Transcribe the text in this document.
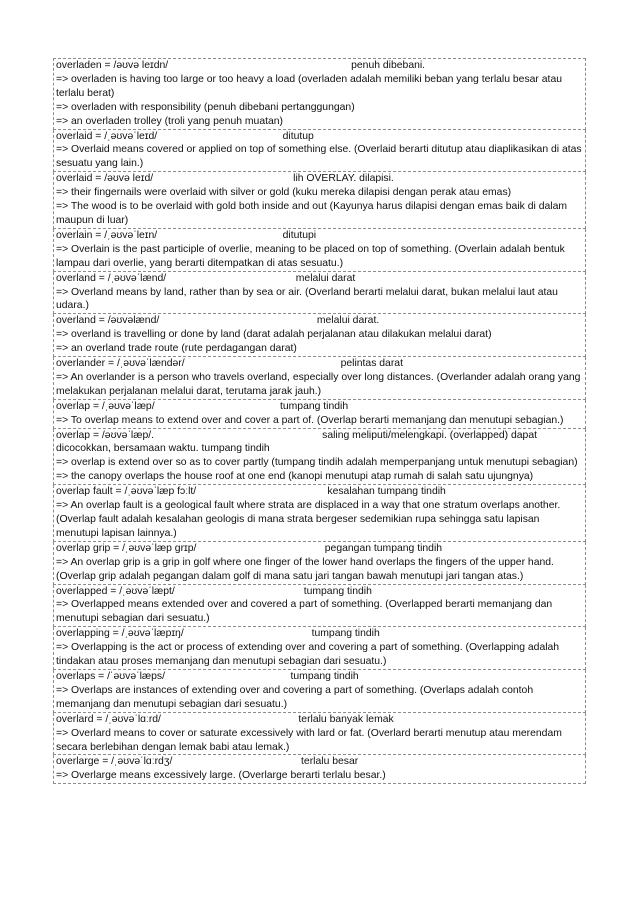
overladen = /əʊvə leɪdn/	penuh dibebani.
=> overladen is having too large or too heavy a load (overladen adalah memiliki beban yang terlalu besar atau terlalu berat)
=> overladen with responsibility (penuh dibebani pertanggungan)
=> an overladen trolley (troli yang penuh muatan)
overlaid = /ˌəʊvəˈleɪd/	ditutup
=> Overlaid means covered or applied on top of something else. (Overlaid berarti ditutup atau diaplikasikan di atas sesuatu yang lain.)
overlaid = /əʊvə leɪd/	lih OVERLAY. dilapisi.
=> their fingernails were overlaid with silver or gold (kuku mereka dilapisi dengan perak atau emas)
=> The wood is to be overlaid with gold both inside and out (Kayunya harus dilapisi dengan emas baik di dalam maupun di luar)
overlain = /ˌəʊvəˈleɪn/	ditutupi
=> Overlain is the past participle of overlie, meaning to be placed on top of something. (Overlain adalah bentuk lampau dari overlie, yang berarti ditempatkan di atas sesuatu.)
overland = /ˌəʊvəˈlænd/	melalui darat
=> Overland means by land, rather than by sea or air. (Overland berarti melalui darat, bukan melalui laut atau udara.)
overland = /əʊvəlænd/	melalui darat.
=> overland is travelling or done by land (darat adalah perjalanan atau dilakukan melalui darat)
=> an overland trade route (rute perdagangan darat)
overlander = /ˌəʊvəˈlændər/	pelintas darat
=> An overlander is a person who travels overland, especially over long distances. (Overlander adalah orang yang melakukan perjalanan melalui darat, terutama jarak jauh.)
overlap = /ˌəʊvəˈlæp/	tumpang tindih
=> To overlap means to extend over and cover a part of. (Overlap berarti memanjang dan menutupi sebagian.)
overlap = /əʊvəˈlæp/.	saling meliputi/melengkapi. (overlapped) dapat
dicocokkan, bersamaan waktu. tumpang tindih
=> overlap is extend over so as to cover partly (tumpang tindih adalah memperpanjang untuk menutupi sebagian)
=> the canopy overlaps the house roof at one end (kanopi menutupi atap rumah di salah satu ujungnya)
overlap fault = /ˌəʊvəˈlæp fɔːlt/	kesalahan tumpang tindih
=> An overlap fault is a geological fault where strata are displaced in a way that one stratum overlaps another. (Overlap fault adalah kesalahan geologis di mana strata bergeser sedemikian rupa sehingga satu lapisan menutupi lapisan lainnya.)
overlap grip = /ˌəʊvəˈlæp ɡrɪp/	pegangan tumpang tindih
=> An overlap grip is a grip in golf where one finger of the lower hand overlaps the fingers of the upper hand. (Overlap grip adalah pegangan dalam golf di mana satu jari tangan bawah menutupi jari tangan atas.)
overlapped = /ˌəʊvəˈlæpt/	tumpang tindih
=> Overlapped means extended over and covered a part of something. (Overlapped berarti memanjang dan menutupi sebagian dari sesuatu.)
overlapping = /ˌəʊvəˈlæpɪŋ/	tumpang tindih
=> Overlapping is the act or process of extending over and covering a part of something. (Overlapping adalah tindakan atau proses memanjang dan menutupi sebagian dari sesuatu.)
overlaps = /ˈəʊvəˈlæps/	tumpang tindih
=> Overlaps are instances of extending over and covering a part of something. (Overlaps adalah contoh memanjang dan menutupi sebagian dari sesuatu.)
overlard = /ˌəʊvəˈlɑːrd/	terlalu banyak lemak
=> Overlard means to cover or saturate excessively with lard or fat. (Overlard berarti menutup atau merendam secara berlebihan dengan lemak babi atau lemak.)
overlarge = /ˌəʊvəˈlɑːrdʒ/	terlalu besar
=> Overlarge means excessively large. (Overlarge berarti terlalu besar.)
